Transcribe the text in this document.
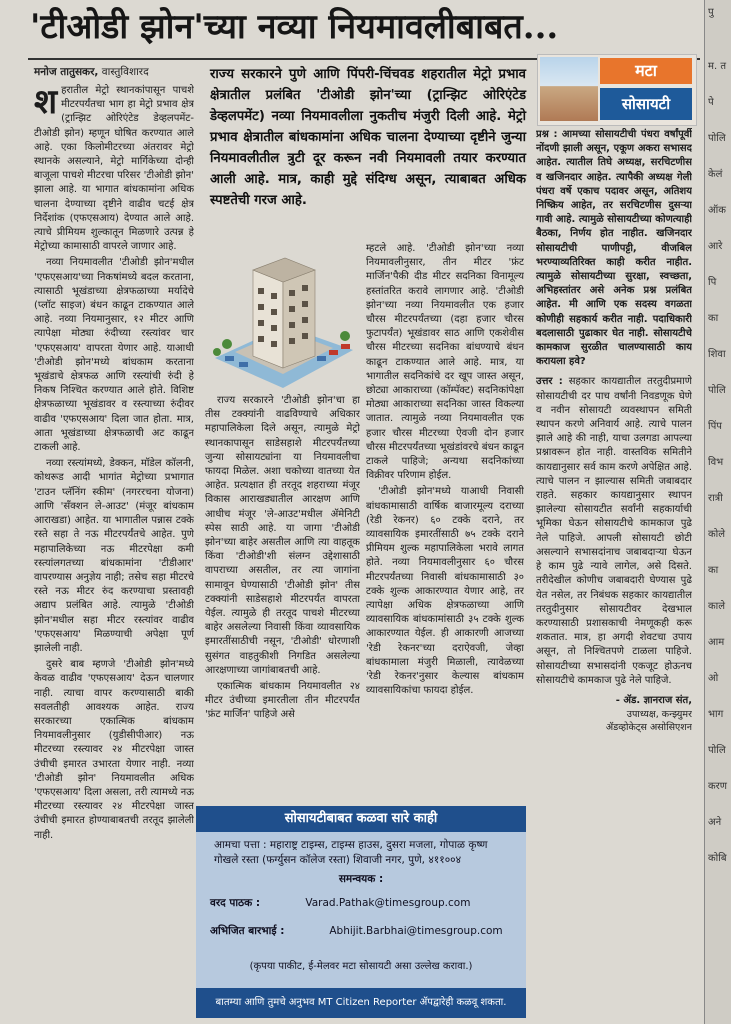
'टीओडी झोन'च्या नव्या नियमावलीबाबत...
मनोज तातुसकर, वास्तुविशारद

शहरातील मेट्रो स्थानकांपासून पाचशे मीटरपर्यंतचा भाग हा मेट्रो प्रभाव क्षेत्र (ट्रान्झिट ओरिएंटेड डेव्हलपमेंट-टीओडी झोन) म्हणून घोषित करण्यात आले आहे. एका किलोमीटरच्या अंतरावर मेट्रो स्थानके असल्याने, मेट्रो मार्गिकेच्या दोन्ही बाजूला पाचशे मीटरचा परिसर 'टीओडी झोन' झाला आहे. या भागात बांधकामांना अधिक चालना देण्याच्या दृष्टीने वाढीव चटई क्षेत्र निर्देशांक (एफएसआय) देण्यात आले आहे. त्याचे प्रीमियम शुल्कातून मिळणारे उत्पन्न हे मेट्रोच्या कामासाठी वापरले जाणार आहे.

नव्या नियमावलीत 'टीओडी झोन'मधील 'एफएसआय'च्या निकषांमध्ये बदल करताना, त्यासाठी भूखंडाच्या क्षेत्रफळाच्या मर्यादेचे (प्लॉट साइज) बंधन काढून टाकण्यात आले आहे. नव्या नियमानुसार, १२ मीटर आणि त्यापेक्षा मोठ्या रुंदीच्या रस्त्यांवर चार 'एफएसआय' वापरता येणार आहे. याआधी 'टीओडी झोन'मध्ये बांधकाम करताना भूखंडाचे क्षेत्रफळ आणि रस्त्यांची रुंदी हे निकष निश्चित करण्यात आले होते. विशिष्ट क्षेत्रफळाच्या भूखंडावर व रस्त्याच्या रुंदीवर वाढीव 'एफएसआय' दिला जात होता. मात्र, आता भूखंडाच्या क्षेत्रफळाची अट काढून टाकली आहे.

नव्या रस्त्यांमध्ये, डेक्कन, मॉडेल कॉलनी, कोथरूड आदी भागांत मेट्रोच्या प्रभागात 'टाउन प्लॅनिंग स्कीम' (नगररचना योजना) आणि 'सँक्शन ले-आउट' (मंजूर बांधकाम आराखडा) आहेत. या भागातील पन्नास टक्के रस्ते सहा ते नऊ मीटरपर्यंतचे आहेत. पुणे महापालिकेच्या नऊ मीटरपेक्षा कमी रस्त्यांलगतच्या बांधकामांना 'टीडीआर' वापरण्यास अनुज्ञेय नाही; तसेच सहा मीटरचे रस्ते नऊ मीटर रुंद करण्याचा प्रस्तावही अद्याप प्रलंबित आहे. त्यामुळे 'टीओडी झोन'मधील सहा मीटर रस्त्यांवर वाढीव 'एफएसआय' मिळण्याची अपेक्षा पूर्ण झालेली नाही.

दुसरे बाब म्हणजे 'टीओडी झोन'मध्ये केवळ वाढीव 'एफएसआय' देऊन चालणार नाही. त्याचा वापर करण्यासाठी बाकी सवलतीही आवश्यक आहेत. राज्य सरकारच्या एकात्मिक बांधकाम नियमावलीनुसार (युडीसीपीआर) नऊ मीटरच्या रस्त्यावर २४ मीटरपेक्षा जास्त उंचीची इमारत उभारता येणार नाही. नव्या 'टीओडी झोन' नियमावलीत अधिक 'एफएसआय' दिला असला, तरी त्यामध्ये नऊ मीटरच्या रस्त्यावर २४ मीटरपेक्षा जास्त उंचीची इमारत होण्याबाबतची तरतूद झालेली नाही.

राज्य सरकारने पुणे आणि पिंपरी-चिंचवड शहरातील मेट्रो प्रभाव क्षेत्रातील प्रलंबित 'टीओडी झोन'च्या (ट्रान्झिट ओरिएंटेड डेव्हलपमेंट) नव्या नियमावलीला नुकतीच मंजुरी दिली आहे. मेट्रो प्रभाव क्षेत्रातील बांधकामांना अधिक चालना देण्याच्या दृष्टीने जुन्या नियमावलीतील त्रुटी दूर करून नवी नियमावली तयार करण्यात आली आहे. मात्र, काही मुद्दे संदिग्ध असून, त्याबाबत अधिक स्पष्टतेची गरज आहे.

राज्य सरकारने 'टीओडी झोन'चा हा तीस टक्क्यांनी वाढविण्याचे अधिकार महापालिकेला दिले असून, त्यामुळे मेट्रो स्थानकापासून साडेसहाशे मीटरपर्यंतच्या जुन्या सोसायट्यांना या नियमावलीचा फायदा मिळेल. अशा चकोच्या वातच्या येत आहेत. प्रत्यक्षात ही तरतूद शहराच्या मंजूर विकास आराखड्यातील आरक्षण आणि आधीच मंजूर 'ले-आउट'मधील ॲमेनिटी स्पेस साठी आहे. या जागा 'टीओडी झोन'च्या बाहेर असतील आणि त्या वाहतूक किंवा 'टीओडी'शी संलग्न उद्देशासाठी वापराच्या असतील, तर त्या जागांना सामावून घेण्यासाठी 'टीओडी झोन' तीस टक्क्यांनी साडेसहाशे मीटरपर्यंत वापरता येईल. त्यामुळे ही तरतूद पाचशे मीटरच्या बाहेर असलेल्या निवासी किंवा व्यावसायिक इमारतींसाठीची नसून, 'टीओडी' धोरणाशी सुसंगत वाहतुकीशी निगडित असलेल्या आरक्षणाच्या जागांबाबतची आहे.

एकात्मिक बांधकाम नियमावलीत २४ मीटर उंचीच्या इमारतीला तीन मीटरपर्यंत 'फ्रंट मार्जिन' पाहिजे असे

म्हटले आहे. 'टीओडी झोन'च्या नव्या नियमावलीनुसार, तीन मीटर 'फ्रंट मार्जिन'पैकी दीड मीटर सदनिका विनामूल्य हस्तांतरित करावे लागणार आहे. 'टीओडी झोन'च्या नव्या नियमावलीत एक हजार चौरस मीटरपर्यंतच्या (दहा हजार चौरस फुटापर्यंत) भूखंडावर साठ आणि एकशेवीस चौरस मीटरच्या सदनिका बांधण्याचे बंधन काढून टाकण्यात आले आहे. मात्र, या भागातील सदनिकांचे दर खूप जास्त असून, छोट्या आकाराच्या (कॉम्पॅक्ट) सदनिकांपेक्षा मोठ्या आकाराच्या सदनिका जास्त विकल्या जातात. त्यामुळे नव्या नियमावलीत एक हजार चौरस मीटरच्या ऐवजी दोन हजार चौरस मीटरपर्यंतच्या भूखंडांवरचे बंधन काढून टाकले पाहिजे; अन्यथा सदनिकांच्या विक्रीवर परिणाम होईल.

'टीओडी झोन'मध्ये याआधी निवासी बांधकामासाठी वार्षिक बाजारमूल्य दराच्या (रेडी रेकनर) ६० टक्के दराने, तर व्यावसायिक इमारतींसाठी ७५ टक्के दराने प्रीमियम शुल्क महापालिकेला भरावे लागत होते. नव्या नियमावलीनुसार ६० चौरस मीटरपर्यंतच्या निवासी बांधकामासाठी ३० टक्के शुल्क आकारण्यात येणार आहे, तर त्यापेक्षा अधिक क्षेत्रफळाच्या आणि व्यावसायिक बांधकामांसाठी ३५ टक्के शुल्क आकारण्यात येईल. ही आकारणी आजच्या 'रेडी रेकनर'च्या दराऐवजी, जेव्हा बांधकामाला मंजुरी मिळाली, त्यावेळच्या 'रेडी रेकनर'नुसार केल्यास बांधकाम व्यावसायिकांचा फायदा होईल.

मटा
सोसायटी

प्रश्न : आमच्या सोसायटीची पंधरा वर्षांपूर्वी नोंदणी झाली असून, एकूण अकरा सभासद आहेत. त्यातील तिघे अध्यक्ष, सरचिटणीस व खजिनदार आहेत. त्यापैकी अध्यक्ष गेली पंधरा वर्षे एकाच पदावर असून, अतिशय निष्क्रिय आहेत, तर सरचिटणीस दुसऱ्या गावी आहे. त्यामुळे सोसायटीच्या कोणत्याही बैठका, निर्णय होत नाहीत. खजिनदार सोसायटीची पाणीपट्टी, वीजबिल भरण्याव्यतिरिक्त काही करीत नाहीत. त्यामुळे सोसायटीच्या सुरक्षा, स्वच्छता, अभिहस्तांतर असे अनेक प्रश्न प्रलंबित आहेत. मी आणि एक सदस्य वगळता कोणीही सहकार्य करीत नाही. पदाधिकारी बदलासाठी पुढाकार घेत नाही. सोसायटीचे कामकाज सुरळीत चालण्यासाठी काय करायला हवे?

उत्तर : सहकार कायद्यातील तरतुदीप्रमाणे सोसायटीची दर पाच वर्षांनी निवडणूक घेणे व नवीन सोसायटी व्यवस्थापन समिती स्थापन करणे अनिवार्य आहे. त्याचे पालन झाले आहे की नाही, याचा उलगडा आपल्या प्रश्नावरून होत नाही. वास्तविक समितीने कायद्यानुसार सर्व काम करणे अपेक्षित आहे. त्याचे पालन न झाल्यास समिती जबाबदार राहते. सहकार कायद्यानुसार स्थापन झालेल्या सोसायटीत सर्वांनी सहकार्याची भूमिका घेऊन सोसायटीचे कामकाज पुढे नेले पाहिजे. आपली सोसायटी छोटी असल्याने सभासदांनाच जबाबदाऱ्या घेऊन हे काम पुढे न्यावे लागेल, असे दिसते. तरीदेखील कोणीच जबाबदारी घेण्यास पुढे येत नसेल, तर निबंधक सहकार कायद्यातील तरतुदीनुसार सोसायटीवर देखभाल करण्यासाठी प्रशासकाची नेमणूकही करू शकतात. मात्र, हा अगदी शेवटचा उपाय असून, तो निश्चितपणे टाळला पाहिजे. सोसायटीच्या सभासदांनी एकजूट होऊनच सोसायटीचे कामकाज पुढे नेले पाहिजे.

- ॲड. ज्ञानराज संत,
उपाध्यक्ष, कन्झ्युमर
ॲडव्होकेट्स असोसिएशन
सोसायटीबाबत कळवा सारे काही
आमचा पत्ता : महाराष्ट्र टाइम्स, टाइम्स हाउस, दुसरा मजला, गोपाळ कृष्ण गोखले रस्ता (फर्ग्युसन कॉलेज रस्ता) शिवाजी नगर, पुणे, ४११००४
समन्वयक :
वरद पाठक :	Varad.Pathak@timesgroup.com
अभिजित बारभाई :	Abhijit.Barbhai@timesgroup.com
(कृपया पाकीट, ई-मेलवर मटा सोसायटी असा उल्लेख करावा.)
बातम्या आणि तुमचे अनुभव MT Citizen Reporter ॲपद्वारेही कळवू शकता.
पु
म. त
पे
पोलि
केलं
ऑक
आरे
पि
का
शिवा
पोलि
पिंप
विभ
रात्री
कोले
का
काले
आम
ओ
भाग
पोलि
करण
अने
कोबि
